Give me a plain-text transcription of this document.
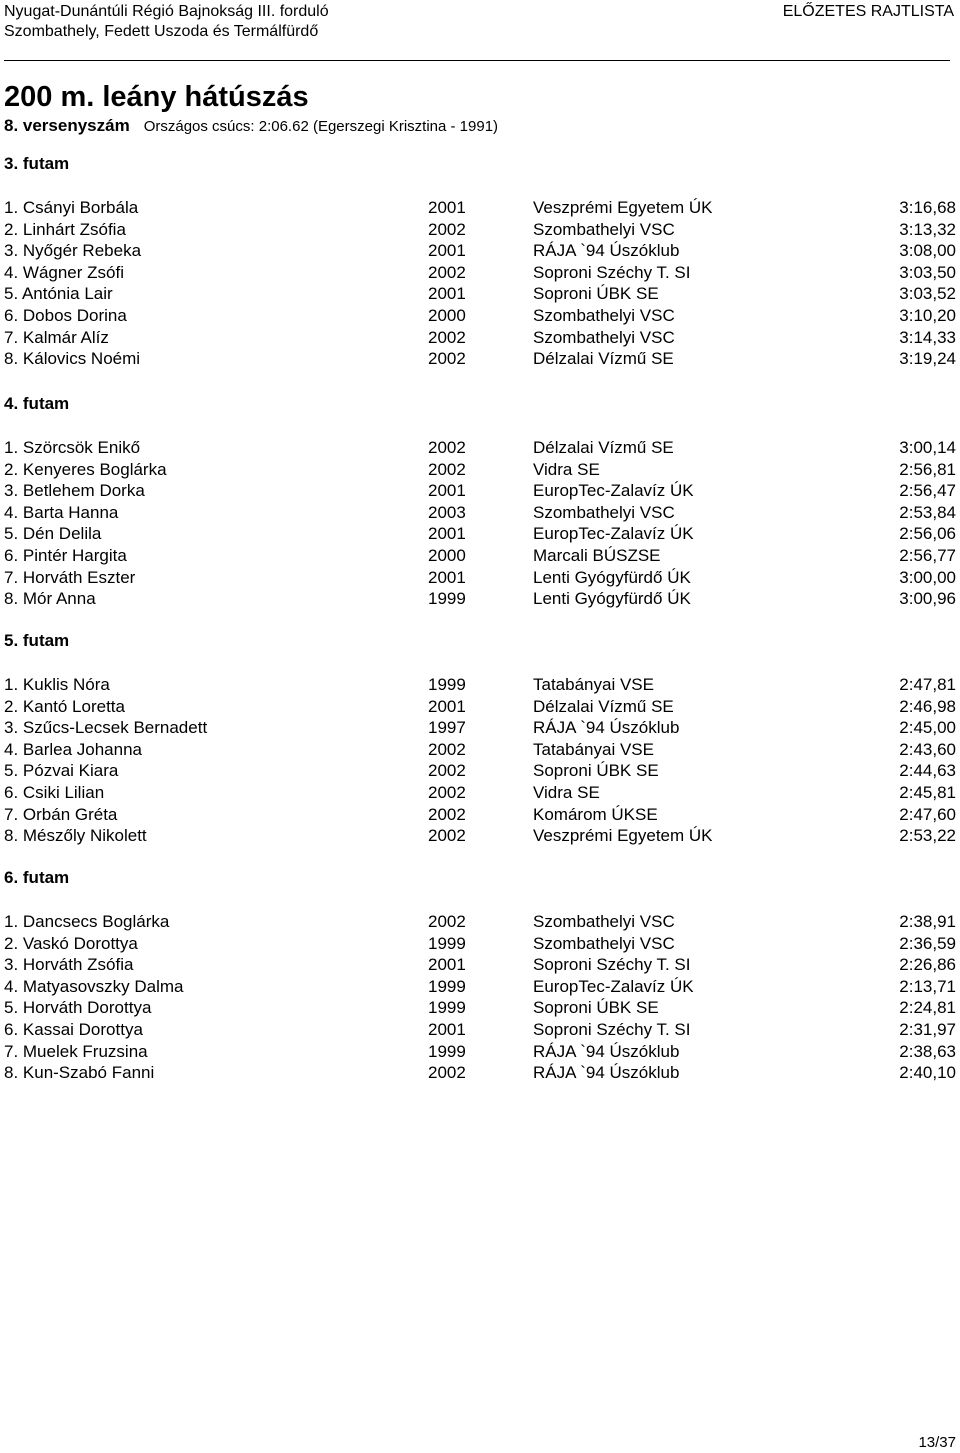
Nyugat-Dunántúli Régió Bajnokság III. forduló
Szombathely, Fedett Uszoda és Termálfürdő
ELŐZETES RAJTLISTA
200 m. leány hátúszás
8. versenyszám Országos csúcs: 2:06.62 (Egerszegi Krisztina - 1991)
3. futam
1. Csányi Borbála	2001	Veszprémi Egyetem ÚK	3:16,68
2. Linhárt Zsófia	2002	Szombathelyi VSC	3:13,32
3. Nyőgér Rebeka	2001	RÁJA `94 Úszóklub	3:08,00
4. Wágner Zsófi	2002	Soproni Széchy T. SI	3:03,50
5. Antónia Lair	2001	Soproni ÚBK SE	3:03,52
6. Dobos Dorina	2000	Szombathelyi VSC	3:10,20
7. Kalmár Alíz	2002	Szombathelyi VSC	3:14,33
8. Kálovics Noémi	2002	Délzalai Vízmű SE	3:19,24
4. futam
1. Szörcsök Enikő	2002	Délzalai Vízmű SE	3:00,14
2. Kenyeres Boglárka	2002	Vidra SE	2:56,81
3. Betlehem Dorka	2001	EuropTec-Zalavíz ÚK	2:56,47
4. Barta Hanna	2003	Szombathelyi VSC	2:53,84
5. Dén Delila	2001	EuropTec-Zalavíz ÚK	2:56,06
6. Pintér Hargita	2000	Marcali BÚSZSE	2:56,77
7. Horváth Eszter	2001	Lenti Gyógyfürdő ÚK	3:00,00
8. Mór Anna	1999	Lenti Gyógyfürdő ÚK	3:00,96
5. futam
1. Kuklis Nóra	1999	Tatabányai VSE	2:47,81
2. Kantó Loretta	2001	Délzalai Vízmű SE	2:46,98
3. Szűcs-Lecsek Bernadett	1997	RÁJA `94 Úszóklub	2:45,00
4. Barlea Johanna	2002	Tatabányai VSE	2:43,60
5. Pózvai Kiara	2002	Soproni ÚBK SE	2:44,63
6. Csiki Lilian	2002	Vidra SE	2:45,81
7. Orbán Gréta	2002	Komárom ÚKSE	2:47,60
8. Mészőly Nikolett	2002	Veszprémi Egyetem ÚK	2:53,22
6. futam
1. Dancsecs Boglárka	2002	Szombathelyi VSC	2:38,91
2. Vaskó Dorottya	1999	Szombathelyi VSC	2:36,59
3. Horváth Zsófia	2001	Soproni Széchy T. SI	2:26,86
4. Matyasovszky Dalma	1999	EuropTec-Zalavíz ÚK	2:13,71
5. Horváth Dorottya	1999	Soproni ÚBK SE	2:24,81
6. Kassai Dorottya	2001	Soproni Széchy T. SI	2:31,97
7. Muelek Fruzsina	1999	RÁJA `94 Úszóklub	2:38,63
8. Kun-Szabó Fanni	2002	RÁJA `94 Úszóklub	2:40,10
13/37
